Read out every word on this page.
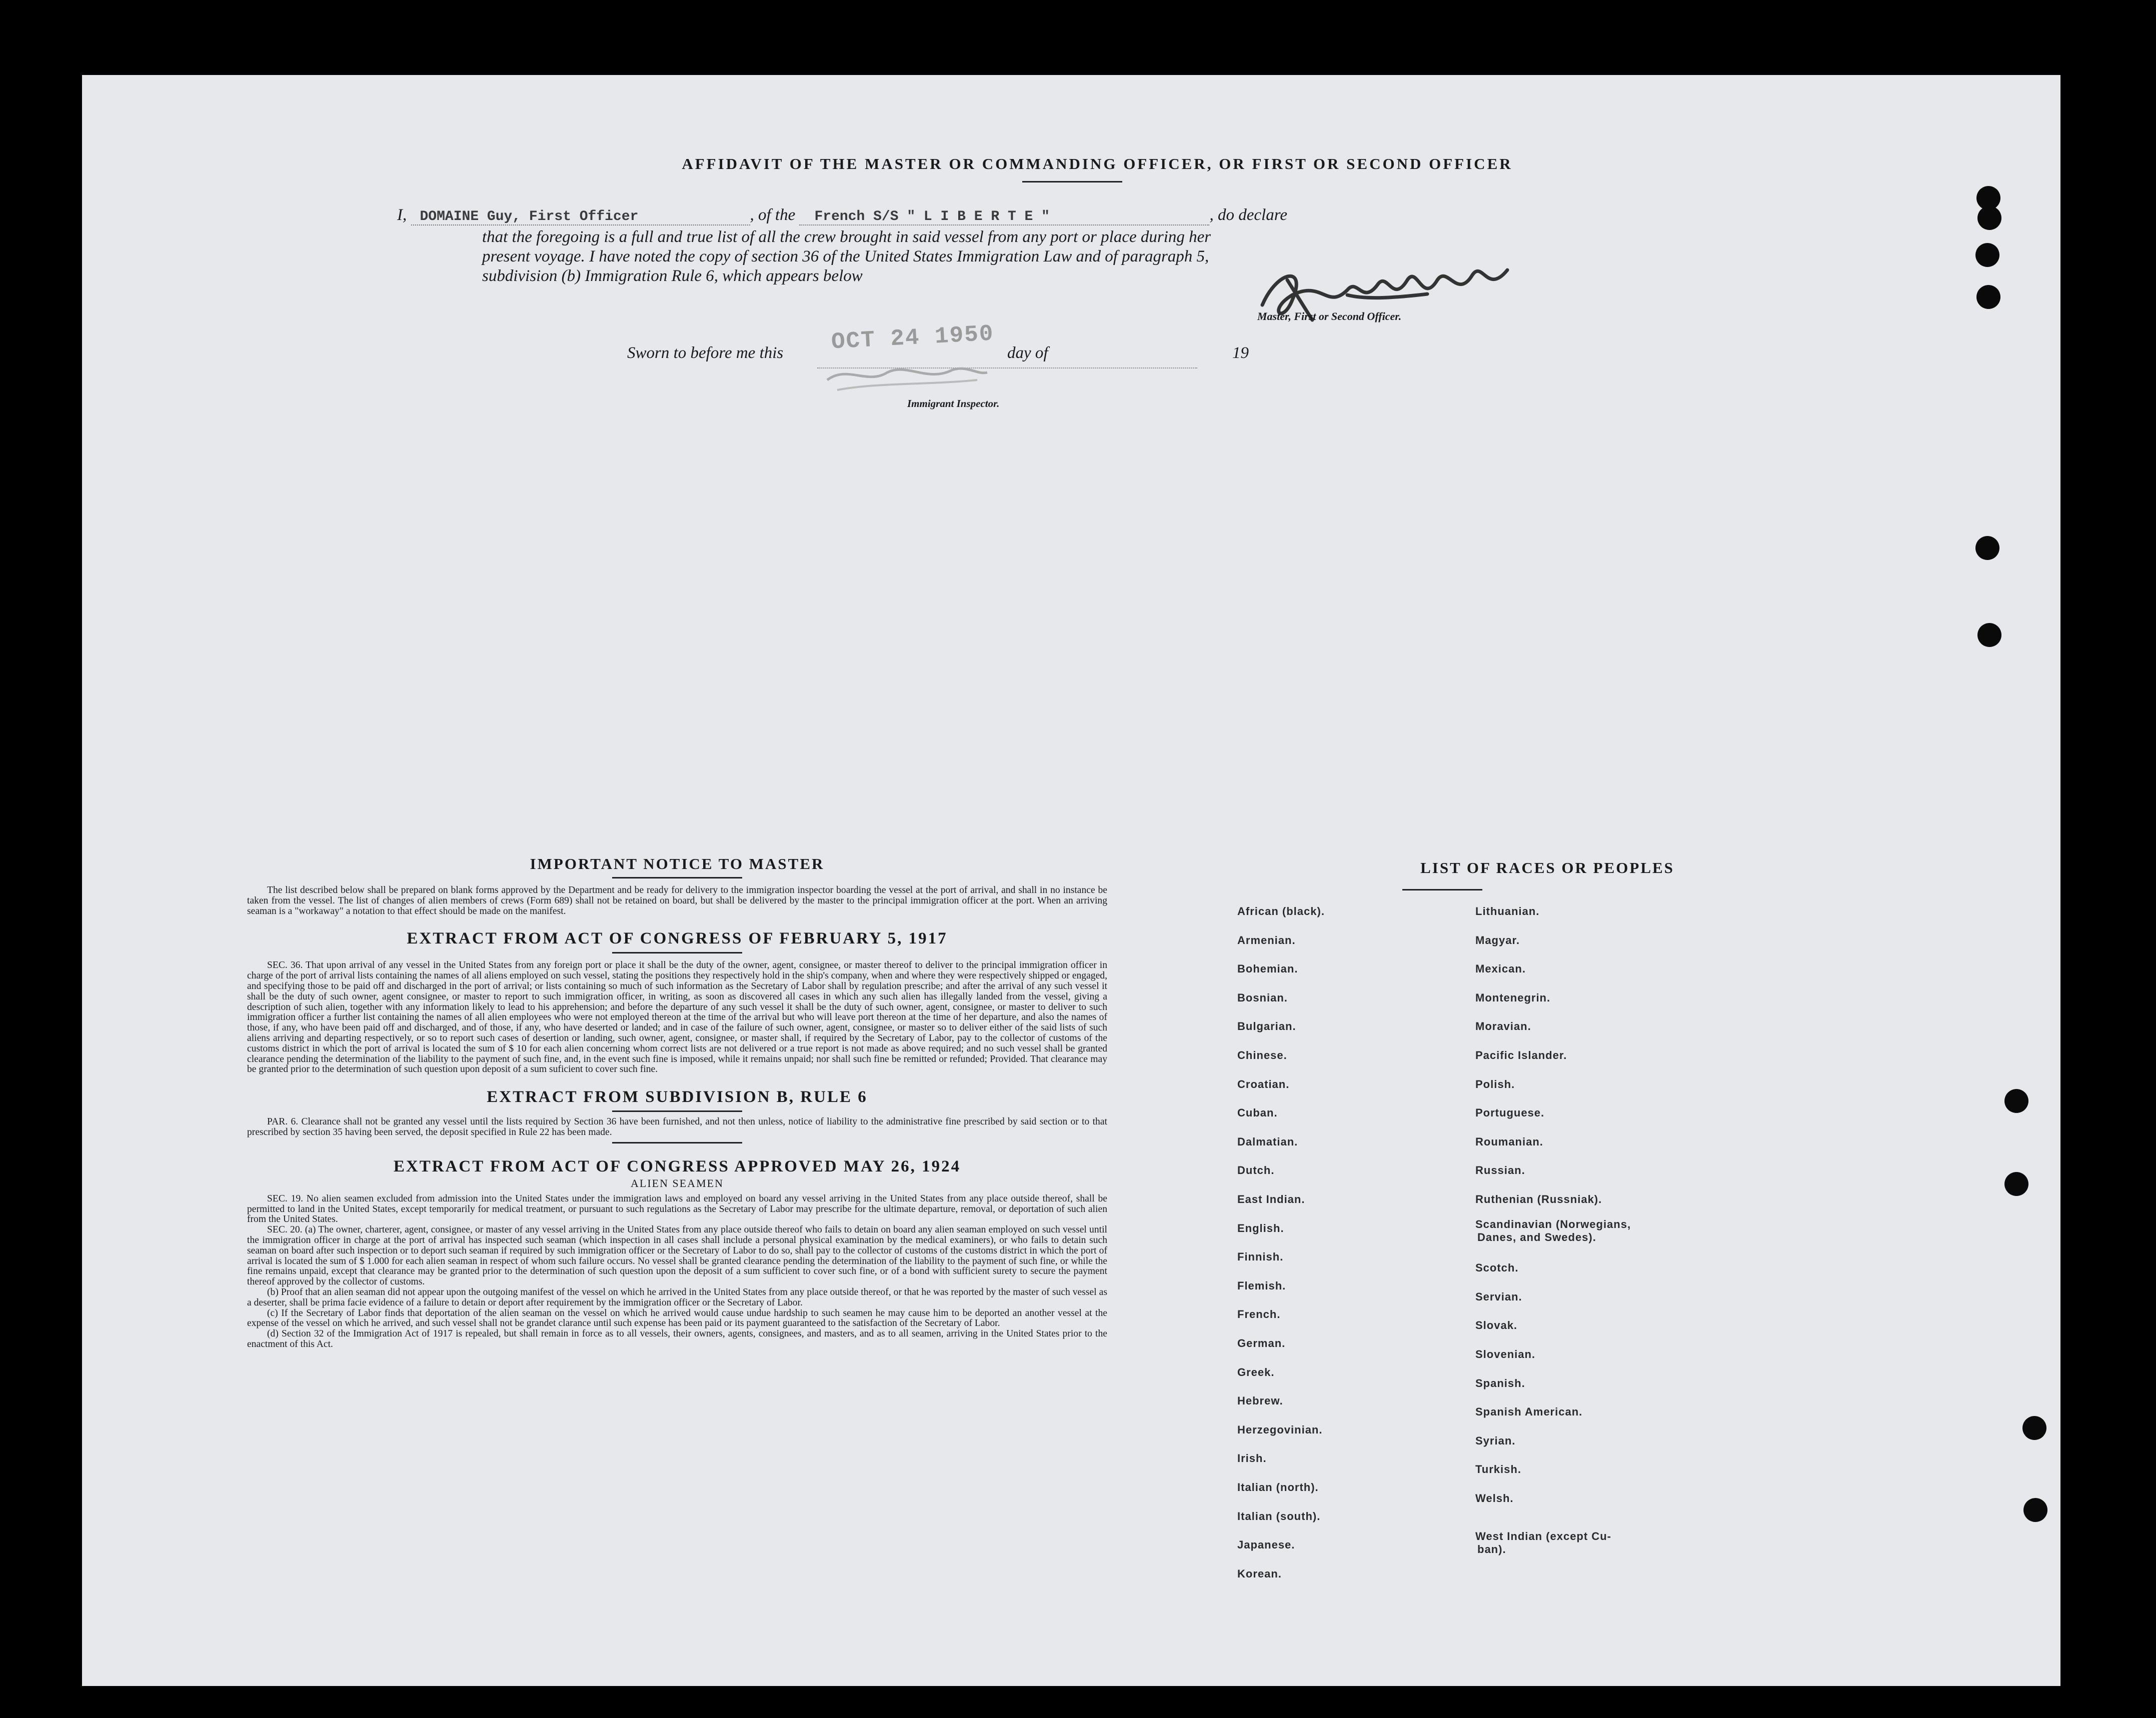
AFFIDAVIT OF THE MASTER OR COMMANDING OFFICER, OR FIRST OR SECOND OFFICER
I, DOMAINE Guy, First Officer	, of the French S/S " L I B E R T E "	, do declare
that the foregoing is a full and true list of all the crew brought in said vessel from any port or place during her
present voyage. I have noted the copy of section 36 of the United States Immigration Law and of paragraph 5,
subdivision (b) Immigration Rule 6, which appears below
Master, First or Second Officer.
Sworn to before me this OCT 24 1950 day of	19
Immigrant Inspector.

IMPORTANT NOTICE TO MASTER

The list described below shall be prepared on blank forms approved by the Department and be ready for delivery to the immigration inspector boarding the vessel at the port of arrival, and shall in no instance be taken from the vessel. The list of changes of alien members of crews (Form 689) shall not be retained on board, but shall be delivered by the master to the principal immigration officer at the port. When an arriving seaman is a "workaway" a notation to that effect should be made on the manifest.

EXTRACT FROM ACT OF CONGRESS OF FEBRUARY 5, 1917

SEC. 36. That upon arrival of any vessel in the United States from any foreign port or place it shall be the duty of the owner, agent, consignee, or master thereof to deliver to the principal immigration officer in charge of the port of arrival lists containing the names of all aliens employed on such vessel, stating the positions they respectively hold in the ship's company, when and where they were respectively shipped or engaged, and specifying those to be paid off and discharged in the port of arrival; or lists containing so much of such information as the Secretary of Labor shall by regulation prescribe; and after the arrival of any such vessel it shall be the duty of such owner, agent consignee, or master to report to such immigration officer, in writing, as soon as discovered all cases in which any such alien has illegally landed from the vessel, giving a description of such alien, together with any information likely to lead to his apprehension; and before the departure of any such vessel it shall be the duty of such owner, agent, consignee, or master to deliver to such immigration officer a further list containing the names of all alien employees who were not employed thereon at the time of the arrival but who will leave port thereon at the time of her departure, and also the names of those, if any, who have been paid off and discharged, and of those, if any, who have deserted or landed; and in case of the failure of such owner, agent, consignee, or master so to deliver either of the said lists of such aliens arriving and departing respectively, or so to report such cases of desertion or landing, such owner, agent, consignee, or master shall, if required by the Secretary of Labor, pay to the collector of customs of the customs district in which the port of arrival is located the sum of $ 10 for each alien concerning whom correct lists are not delivered or a true report is not made as above required; and no such vessel shall be granted clearance pending the determination of the liability to the payment of such fine, and, in the event such fine is imposed, while it remains unpaid; nor shall such fine be remitted or refunded; Provided. That clearance may be granted prior to the determination of such question upon deposit of a sum suficient to cover such fine.

EXTRACT FROM SUBDIVISION B, RULE 6

PAR. 6. Clearance shall not be granted any vessel until the lists required by Section 36 have been furnished, and not then unless, notice of liability to the administrative fine prescribed by said section or to that prescribed by section 35 having been served, the deposit specified in Rule 22 has been made.

EXTRACT FROM ACT OF CONGRESS APPROVED MAY 26, 1924

ALIEN SEAMEN

SEC. 19. No alien seamen excluded from admission into the United States under the immigration laws and employed on board any vessel arriving in the United States from any place outside thereof, shall be permitted to land in the United States, except temporarily for medical treatment, or pursuant to such regulations as the Secretary of Labor may prescribe for the ultimate departure, removal, or deportation of such alien from the United States.

SEC. 20. (a) The owner, charterer, agent, consignee, or master of any vessel arriving in the United States from any place outside thereof who fails to detain on board any alien seaman employed on such vessel until the immigration officer in charge at the port of arrival has inspected such seaman (which inspection in all cases shall include a personal physical examination by the medical examiners), or who fails to detain such seaman on board after such inspection or to deport such seaman if required by such immigration officer or the Secretary of Labor to do so, shall pay to the collector of customs of the customs district in which the port of arrival is located the sum of $ 1.000 for each alien seaman in respect of whom such failure occurs. No vessel shall be granted clearance pending the determination of the liability to the payment of such fine, or while the fine remains unpaid, except that clearance may be granted prior to the determination of such question upon the deposit of a sum sufficient to cover such fine, or of a bond with sufficient surety to secure the payment thereof approved by the collector of customs.

(b) Proof that an alien seaman did not appear upon the outgoing manifest of the vessel on which he arrived in the United States from any place outside thereof, or that he was reported by the master of such vessel as a deserter, shall be prima facie evidence of a failure to detain or deport after requirement by the immigration officer or the Secretary of Labor.

(c) If the Secretary of Labor finds that deportation of the alien seaman on the vessel on which he arrived would cause undue hardship to such seamen he may cause him to be deported an another vessel at the expense of the vessel on which he arrived, and such vessel shall not be grandet clarance until such expense has been paid or its payment guaranteed to the satisfaction of the Secretary of Labor.

(d) Section 32 of the Immigration Act of 1917 is repealed, but shall remain in force as to all vessels, their owners, agents, consignees, and masters, and as to all seamen, arriving in the United States prior to the enactment of this Act.

LIST OF RACES OR PEOPLES
African (black).
Armenian.
Bohemian.
Bosnian.
Bulgarian.
Chinese.
Croatian.
Cuban.
Dalmatian.
Dutch.
East Indian.
English.
Finnish.
Flemish.
French.
German.
Greek.
Hebrew.
Herzegovinian.
Irish.
Italian (north).
Italian (south).
Japanese.
Korean.
Lithuanian.
Magyar.
Mexican.
Montenegrin.
Moravian.
Pacific Islander.
Polish.
Portuguese.
Roumanian.
Russian.
Ruthenian (Russniak).
Scandinavian (Norwegians,
Danes, and Swedes).
Scotch.
Servian.
Slovak.
Slovenian.
Spanish.
Spanish American.
Syrian.
Turkish.
Welsh.
West Indian (except Cu-
ban).
